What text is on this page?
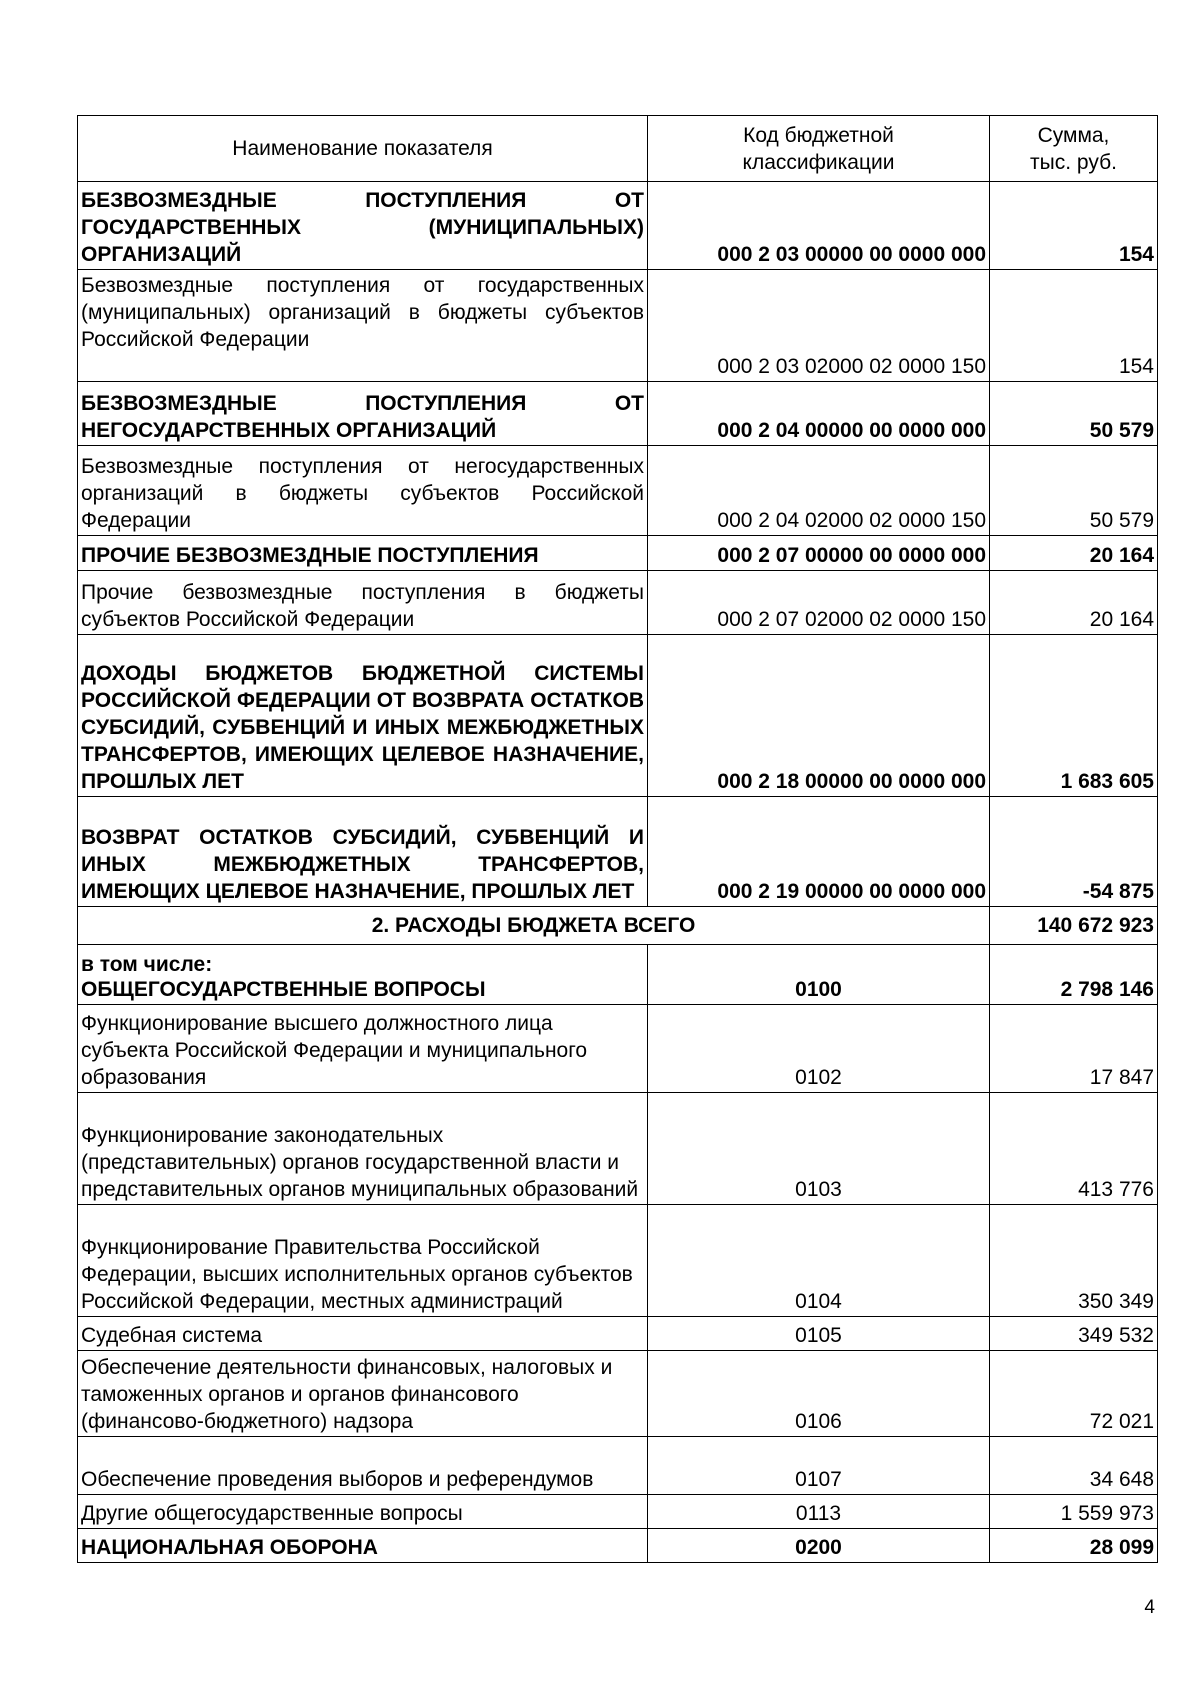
Наименование показателя	Код бюджетной классификации	Сумма, тыс. руб.
БЕЗВОЗМЕЗДНЫЕ ПОСТУПЛЕНИЯ ОТ ГОСУДАРСТВЕННЫХ (МУНИЦИПАЛЬНЫХ) ОРГАНИЗАЦИЙ	000 2 03 00000 00 0000 000	154
Безвозмездные поступления от государственных (муниципальных) организаций в бюджеты субъектов Российской Федерации	000 2 03 02000 02 0000 150	154
БЕЗВОЗМЕЗДНЫЕ ПОСТУПЛЕНИЯ ОТ НЕГОСУДАРСТВЕННЫХ ОРГАНИЗАЦИЙ	000 2 04 00000 00 0000 000	50 579
Безвозмездные поступления от негосударственных организаций в бюджеты субъектов Российской Федерации	000 2 04 02000 02 0000 150	50 579
ПРОЧИЕ БЕЗВОЗМЕЗДНЫЕ ПОСТУПЛЕНИЯ	000 2 07 00000 00 0000 000	20 164
Прочие безвозмездные поступления в бюджеты субъектов Российской Федерации	000 2 07 02000 02 0000 150	20 164
ДОХОДЫ БЮДЖЕТОВ БЮДЖЕТНОЙ СИСТЕМЫ РОССИЙСКОЙ ФЕДЕРАЦИИ ОТ ВОЗВРАТА ОСТАТКОВ СУБСИДИЙ, СУБВЕНЦИЙ И ИНЫХ МЕЖБЮДЖЕТНЫХ ТРАНСФЕРТОВ, ИМЕЮЩИХ ЦЕЛЕВОЕ НАЗНАЧЕНИЕ, ПРОШЛЫХ ЛЕТ	000 2 18 00000 00 0000 000	1 683 605
ВОЗВРАТ ОСТАТКОВ СУБСИДИЙ, СУБВЕНЦИЙ И ИНЫХ МЕЖБЮДЖЕТНЫХ ТРАНСФЕРТОВ, ИМЕЮЩИХ ЦЕЛЕВОЕ НАЗНАЧЕНИЕ, ПРОШЛЫХ ЛЕТ	000 2 19 00000 00 0000 000	-54 875
2. РАСХОДЫ БЮДЖЕТА ВСЕГО		140 672 923

в том числе:
ОБЩЕГОСУДАРСТВЕННЫЕ ВОПРОСЫ	0100	2 798 146
Функционирование высшего должностного лица субъекта Российской Федерации и муниципального образования	0102	17 847
Функционирование законодательных (представительных) органов государственной власти и представительных органов муниципальных образований	0103	413 776
Функционирование Правительства Российской Федерации, высших исполнительных органов субъектов Российской Федерации, местных администраций	0104	350 349
Судебная система	0105	349 532
Обеспечение деятельности финансовых, налоговых и таможенных органов и органов финансового (финансово-бюджетного) надзора	0106	72 021
Обеспечение проведения выборов и референдумов	0107	34 648
Другие общегосударственные вопросы	0113	1 559 973
НАЦИОНАЛЬНАЯ ОБОРОНА	0200	28 099
4
